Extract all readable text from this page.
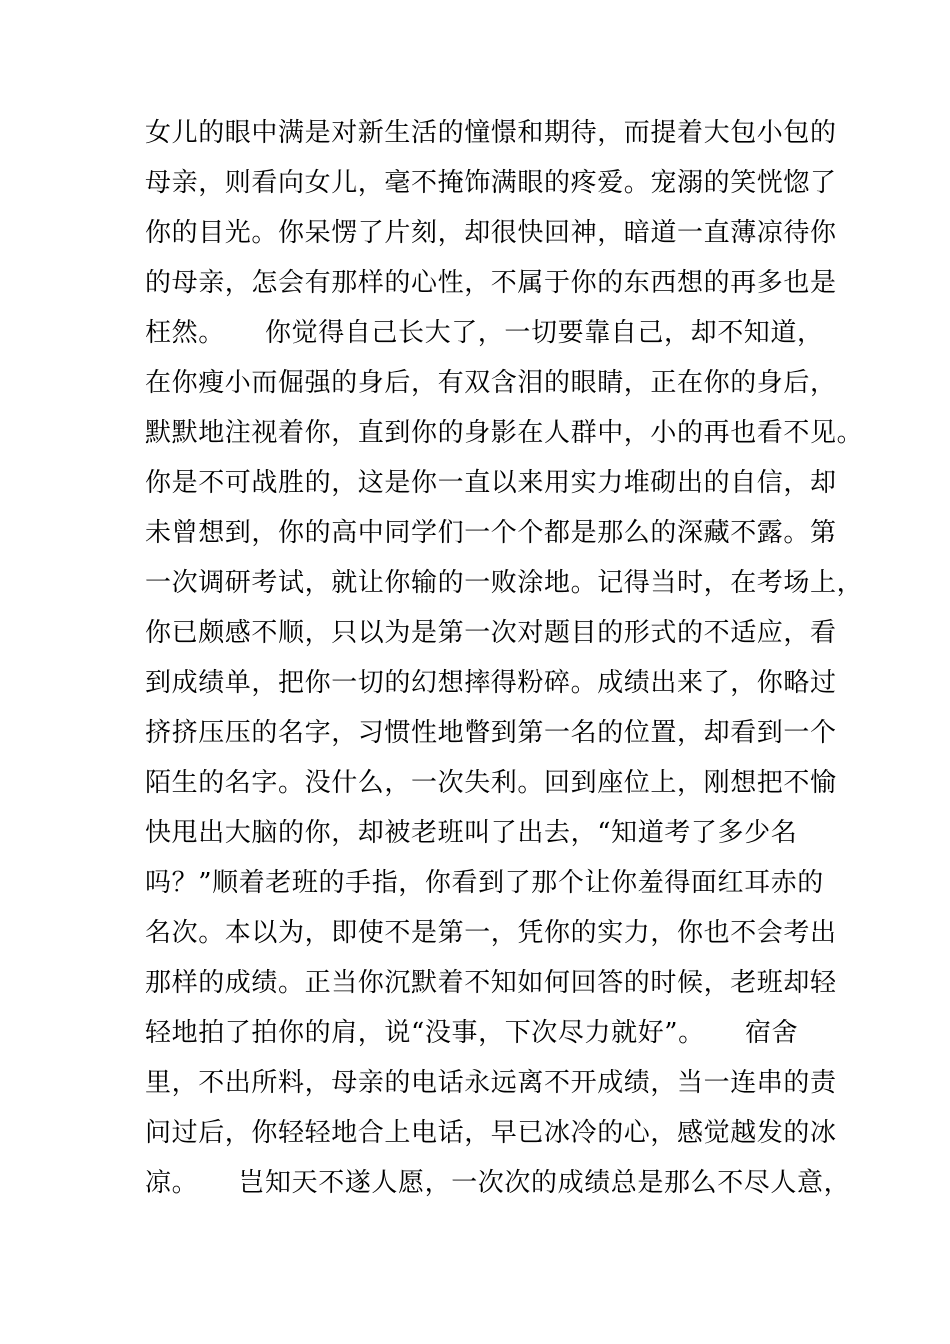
女儿的眼中满是对新生活的憧憬和期待，而提着大包小包的
母亲，则看向女儿，毫不掩饰满眼的疼爱。宠溺的笑恍惚了
你的目光。你呆愣了片刻，却很快回神，暗道一直薄凉待你
的母亲，怎会有那样的心性，不属于你的东西想的再多也是
枉然。　　你觉得自己长大了，一切要靠自己，却不知道，
在你瘦小而倔强的身后，有双含泪的眼睛，正在你的身后，
默默地注视着你，直到你的身影在人群中，小的再也看不见。
你是不可战胜的，这是你一直以来用实力堆砌出的自信，却
未曾想到，你的高中同学们一个个都是那么的深藏不露。第
一次调研考试，就让你输的一败涂地。记得当时，在考场上，
你已颇感不顺，只以为是第一次对题目的形式的不适应，看
到成绩单，把你一切的幻想摔得粉碎。成绩出来了，你略过
挤挤压压的名字，习惯性地瞥到第一名的位置，却看到一个
陌生的名字。没什么，一次失利。回到座位上，刚想把不愉
快甩出大脑的你，却被老班叫了出去，“知道考了多少名
吗？”顺着老班的手指，你看到了那个让你羞得面红耳赤的
名次。本以为，即使不是第一，凭你的实力，你也不会考出
那样的成绩。正当你沉默着不知如何回答的时候，老班却轻
轻地拍了拍你的肩，说“没事，下次尽力就好”。　　宿舍
里，不出所料，母亲的电话永远离不开成绩，当一连串的责
问过后，你轻轻地合上电话，早已冰冷的心，感觉越发的冰
凉。　　岂知天不遂人愿，一次次的成绩总是那么不尽人意，
